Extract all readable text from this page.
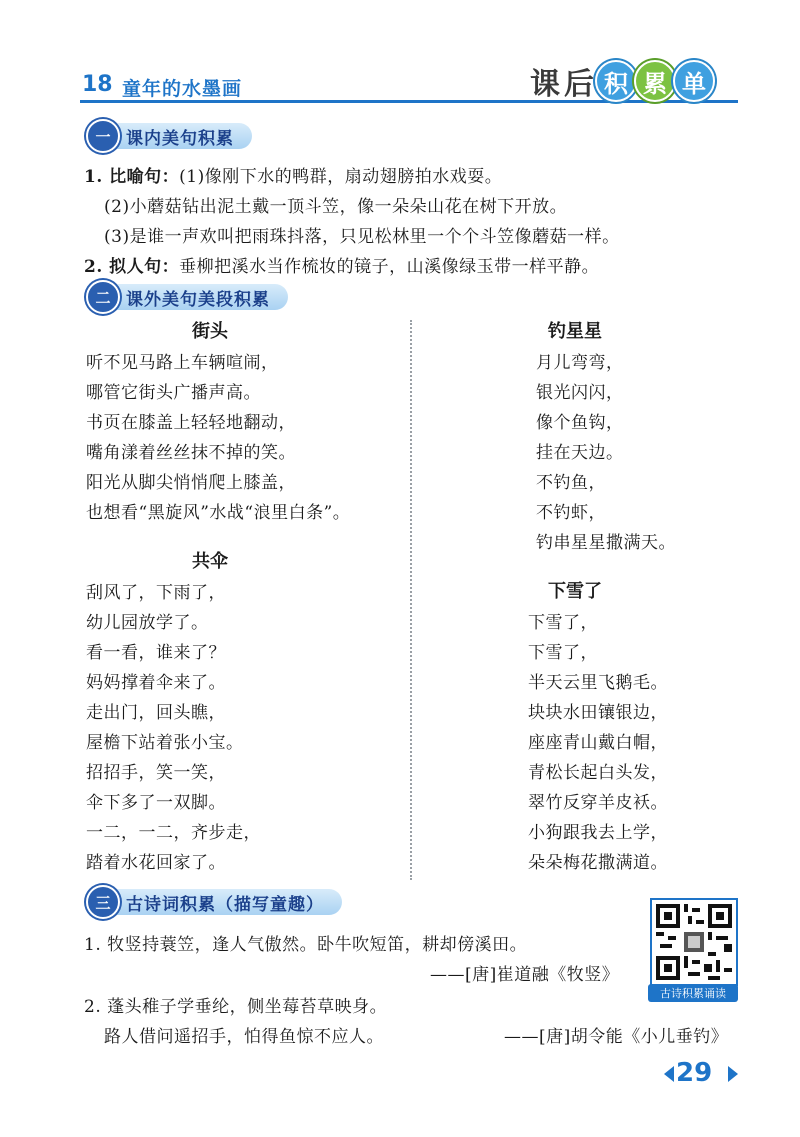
18 童年的水墨画	课 后 积 累 单
一 课内美句积累
1. 比喻句：(1)像刚下水的鸭群，扇动翅膀拍水戏耍。
(2)小蘑菇钻出泥土戴一顶斗笠，像一朵朵山花在树下开放。
(3)是谁一声欢叫把雨珠抖落，只见松林里一个个斗笠像蘑菇一样。
2. 拟人句：垂柳把溪水当作梳妆的镜子，山溪像绿玉带一样平静。
二 课外美句美段积累
街头
听不见马路上车辆喧闹，
哪管它街头广播声高。
书页在膝盖上轻轻地翻动，
嘴角漾着丝丝抹不掉的笑。
阳光从脚尖悄悄爬上膝盖，
也想看“黑旋风”水战“浪里白条”。
钓星星
月儿弯弯，
银光闪闪，
像个鱼钩，
挂在天边。
不钓鱼，
不钓虾，
钓串星星撒满天。
共伞
刮风了，下雨了，
幼儿园放学了。
看一看，谁来了？
妈妈撑着伞来了。
走出门，回头瞧，
屋檐下站着张小宝。
招招手，笑一笑，
伞下多了一双脚。
一二，一二，齐步走，
踏着水花回家了。
下雪了
下雪了，
下雪了，
半天云里飞鹅毛。
块块水田镶银边，
座座青山戴白帽，
青松长起白头发，
翠竹反穿羊皮袄。
小狗跟我去上学，
朵朵梅花撒满道。
三 古诗词积累（描写童趣）
1. 牧竖持蓑笠，逢人气傲然。卧牛吹短笛，耕却傍溪田。
——[唐]崔道融《牧竖》
2. 蓬头稚子学垂纶，侧坐莓苔草映身。
路人借问遥招手，怕得鱼惊不应人。	——[唐]胡令能《小儿垂钓》
古诗积累诵读
29
